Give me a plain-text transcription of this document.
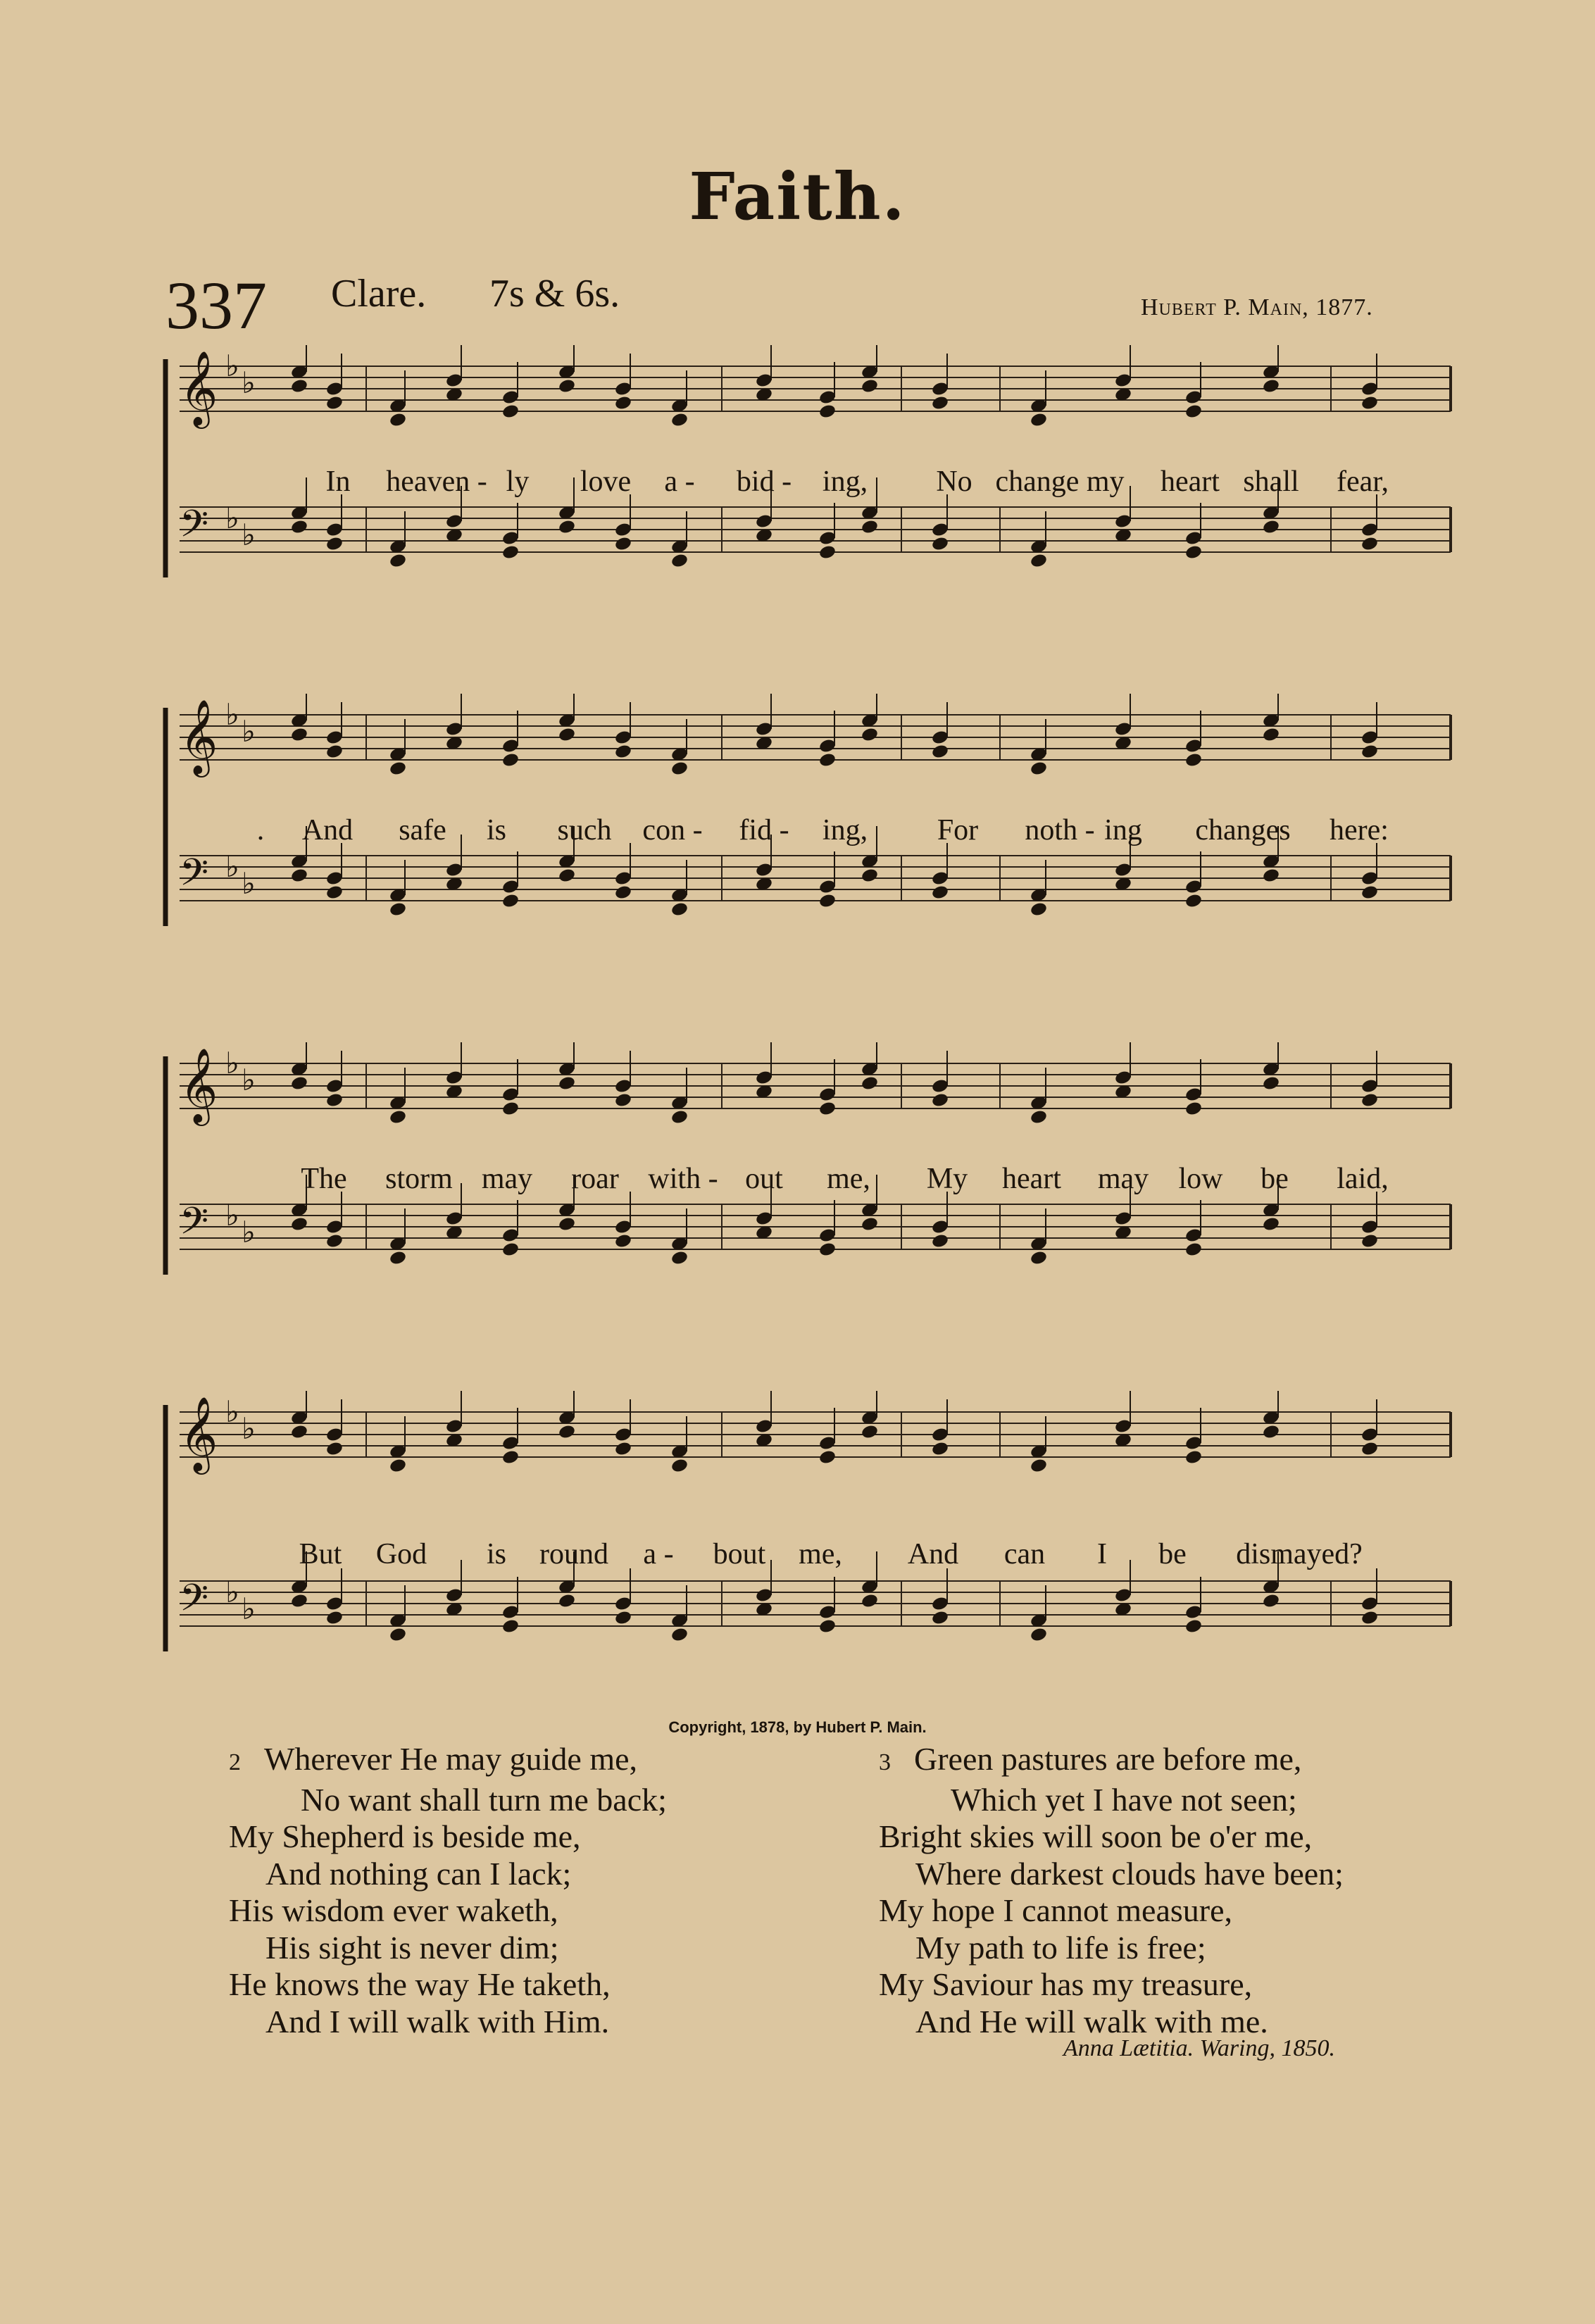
Faith.
337 Clare. 7s & 6s.	Hubert P. Main, 1877.
𝄞 ♭ ♭
𝄢 ♭ ♭
In heaven - ly love a - bid - ing, No change my heart shall fear,
𝄞 ♭ ♭
𝄢 ♭ ♭
. And safe is such con - fid - ing, For noth - ing changes here:
𝄞 ♭ ♭
𝄢 ♭ ♭
The storm may roar with - out me, My heart may low be laid,
𝄞 ♭ ♭
𝄢 ♭ ♭
But God is round a - bout me, And can I be dismayed?
Copyright, 1878, by Hubert P. Main.
2 Wherever He may guide me,
No want shall turn me back;
My Shepherd is beside me,
And nothing can I lack;
His wisdom ever waketh,
His sight is never dim;
He knows the way He taketh,
And I will walk with Him.
3 Green pastures are before me,
Which yet I have not seen;
Bright skies will soon be o'er me,
Where darkest clouds have been;
My hope I cannot measure,
My path to life is free;
My Saviour has my treasure,
And He will walk with me.
Anna Lætitia. Waring, 1850.
